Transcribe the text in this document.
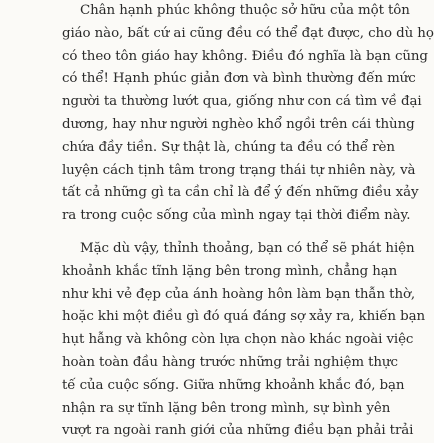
Chân hạnh phúc không thuộc sở hữu của một tôn
giáo nào, bất cứ ai cũng đều có thể đạt được, cho dù họ
có theo tôn giáo hay không. Điều đó nghĩa là bạn cũng
có thể! Hạnh phúc giản đơn và bình thường đến mức
người ta thường lướt qua, giống như con cá tìm về đại
dương, hay như người nghèo khổ ngồi trên cái thùng
chứa đầy tiền. Sự thật là, chúng ta đều có thể rèn
luyện cách tịnh tâm trong trạng thái tự nhiên này, và
tất cả những gì ta cần chỉ là để ý đến những điều xảy
ra trong cuộc sống của mình ngay tại thời điểm này.
Mặc dù vậy, thỉnh thoảng, bạn có thể sẽ phát hiện
khoảnh khắc tĩnh lặng bên trong mình, chẳng hạn
như khi vẻ đẹp của ánh hoàng hôn làm bạn thẫn thờ,
hoặc khi một điều gì đó quá đáng sợ xảy ra, khiến bạn
hụt hẫng và không còn lựa chọn nào khác ngoài việc
hoàn toàn đầu hàng trước những trải nghiệm thực
tế của cuộc sống. Giữa những khoảnh khắc đó, bạn
nhận ra sự tĩnh lặng bên trong mình, sự bình yên
vượt ra ngoài ranh giới của những điều bạn phải trải
